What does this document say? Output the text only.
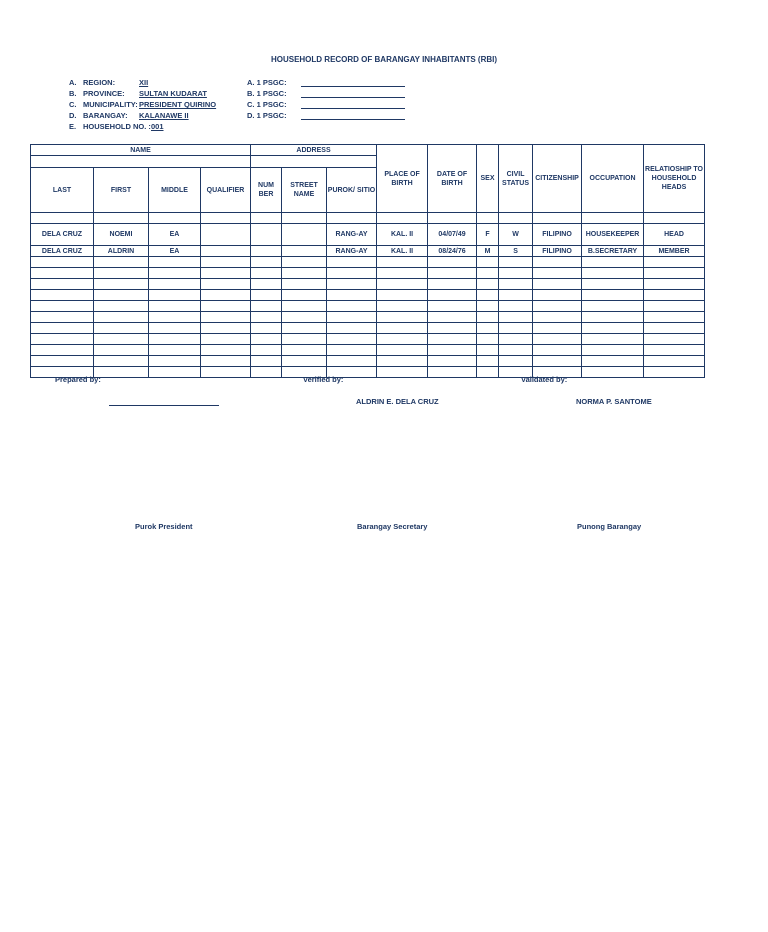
HOUSEHOLD RECORD OF BARANGAY INHABITANTS (RBI)
A. REGION:	XII
B. PROVINCE:	SULTAN KUDARAT
C. MUNICIPALITY: PRESIDENT QUIRINO
D. BARANGAY:	KALANAWE II
E. HOUSEHOLD NO. : 001
A. 1 PSGC:
B. 1 PSGC:
C. 1 PSGC:
D. 1 PSGC:
NAME				ADDRESS			PLACE OF BIRTH	DATE OF BIRTH	SEX	CIVIL STATUS	CITIZENSHIP	OCCUPATION	RELATIOSHIP TO HOUSEHOLD HEADS

LAST	FIRST	MIDDLE	QUALIFIER	NUM BER	STREET NAME	PUROK/ SITIO							

DELA CRUZ	NOEMI	EA				RANG-AY	KAL. II	04/07/49	F	W	FILIPINO	HOUSEKEEPER	HEAD
DELA CRUZ	ALDRIN	EA				RANG-AY	KAL. II	08/24/76	M	S	FILIPINO	B.SECRETARY	MEMBER

Prepared by:	Verified by:	Validated by:
ALDRIN E. DELA CRUZ	NORMA P. SANTOME
Purok President	Barangay Secretary	Punong Barangay
